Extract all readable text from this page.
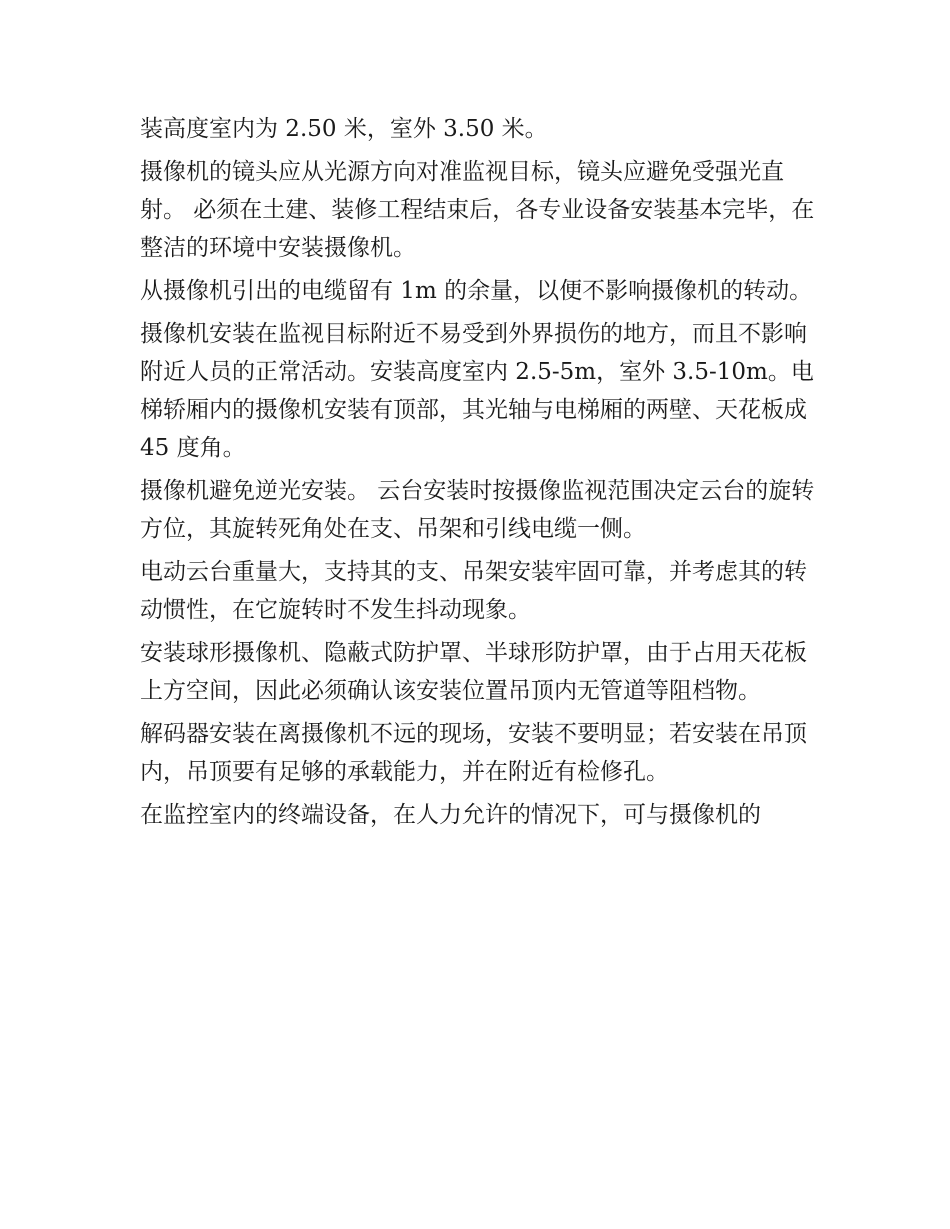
装高度室内为 2.50 米，室外 3.50 米。

摄像机的镜头应从光源方向对准监视目标，镜头应避免受强光直射。 必须在土建、装修工程结束后，各专业设备安装基本完毕，在整洁的环境中安装摄像机。

从摄像机引出的电缆留有 1m 的余量，以便不影响摄像机的转动。

摄像机安装在监视目标附近不易受到外界损伤的地方，而且不影响附近人员的正常活动。安装高度室内 2.5-5m，室外 3.5-10m。电梯轿厢内的摄像机安装有顶部，其光轴与电梯厢的两壁、天花板成 45 度角。

摄像机避免逆光安装。 云台安装时按摄像监视范围决定云台的旋转方位，其旋转死角处在支、吊架和引线电缆一侧。

电动云台重量大，支持其的支、吊架安装牢固可靠，并考虑其的转动惯性，在它旋转时不发生抖动现象。

安装球形摄像机、隐蔽式防护罩、半球形防护罩，由于占用天花板上方空间，因此必须确认该安装位置吊顶内无管道等阻档物。

解码器安装在离摄像机不远的现场，安装不要明显；若安装在吊顶内，吊顶要有足够的承载能力，并在附近有检修孔。

在监控室内的终端设备，在人力允许的情况下，可与摄像机的
